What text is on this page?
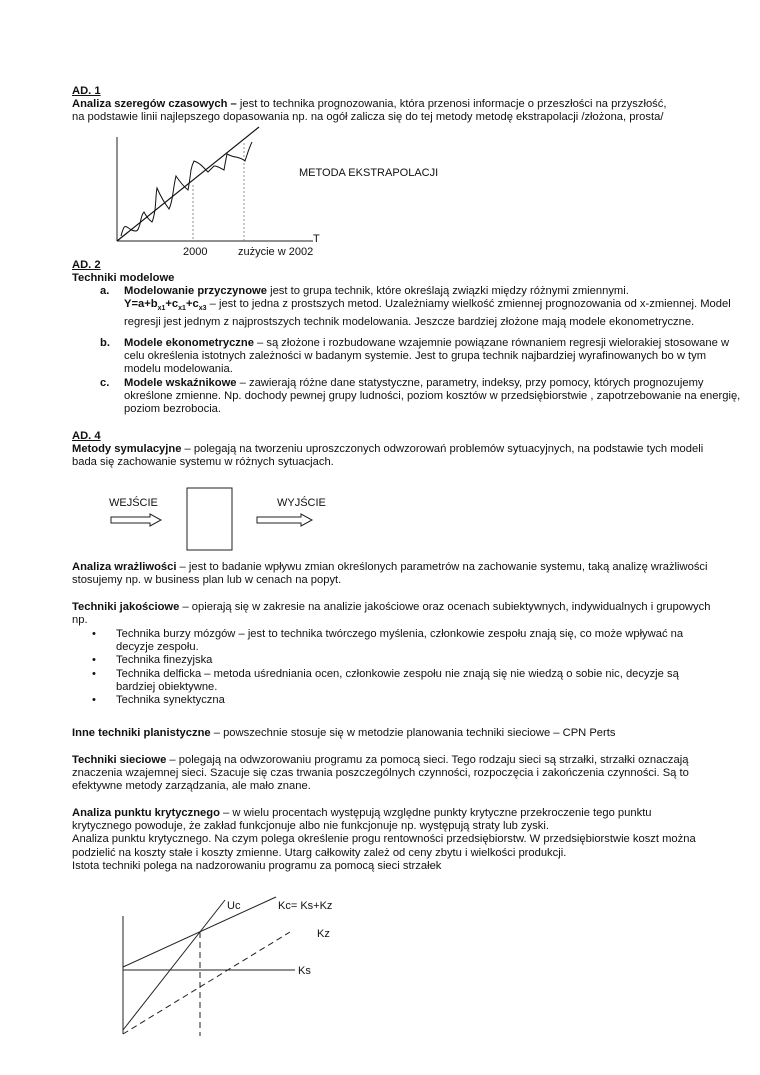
AD. 1
Analiza szeregów czasowych – jest to technika prognozowania, która przenosi informacje o przeszłości na przyszłość,
na podstawie linii najlepszego dopasowania np. na ogół zalicza się do tej metody metodę ekstrapolacji /złożona, prosta/
METODA EKSTRAPOLACJI
T
2000	zużycie w 2002
WEJŚCIE	WYJŚCIE
Uc	Kc= Ks+Kz
Kz
Ks
AD. 2
Techniki modelowe
a. Modelowanie przyczynowe jest to grupa technik, które określają związki między różnymi zmiennymi.
$Y=a+b_{x1}+c_{x1}+c_{x3}$ – jest to jedna z prostszych metod. Uzależniamy wielkość zmiennej prognozowania od x-zmiennej. Model regresji jest jednym z najprostszych technik modelowania. Jeszcze bardziej złożone mają modele ekonometryczne.
b. Modele ekonometryczne – są złożone i rozbudowane wzajemnie powiązane równaniem regresji wielorakiej stosowane w celu określenia istotnych zależności w badanym systemie. Jest to grupa technik najbardziej wyrafinowanych bo w tym modelu modelowania.
c. Modele wskaźnikowe – zawierają różne dane statystyczne, parametry, indeksy, przy pomocy, których prognozujemy określone zmienne. Np. dochody pewnej grupy ludności, poziom kosztów w przedsiębiorstwie , zapotrzebowanie na energię, poziom bezrobocia.
AD. 4
Metody symulacyjne – polegają na tworzeniu uproszczonych odwzorowań problemów sytuacyjnych, na podstawie tych modeli bada się zachowanie systemu w różnych sytuacjach.
Analiza wrażliwości – jest to badanie wpływu zmian określonych parametrów na zachowanie systemu, taką analizę wrażliwości stosujemy np. w business plan lub w cenach na popyt.
Techniki jakościowe – opierają się w zakresie na analizie jakościowe oraz ocenach subiektywnych, indywidualnych i grupowych np.
• Technika burzy mózgów – jest to technika twórczego myślenia, członkowie zespołu znają się, co może wpływać na decyzje zespołu.
• Technika finezyjska
• Technika delficka – metoda uśredniania ocen, członkowie zespołu nie znają się nie wiedzą o sobie nic, decyzje są bardziej obiektywne.
• Technika synektyczna
Inne techniki planistyczne – powszechnie stosuje się w metodzie planowania techniki sieciowe – CPN Perts
Techniki sieciowe – polegają na odwzorowaniu programu za pomocą sieci. Tego rodzaju sieci są strzałki, strzałki oznaczają znaczenia wzajemnej sieci. Szacuje się czas trwania poszczególnych czynności, rozpoczęcia i zakończenia czynności. Są to efektywne metody zarządzania, ale mało znane.
Analiza punktu krytycznego – w wielu procentach występują względne punkty krytyczne przekroczenie tego punktu krytycznego powoduje, że zakład funkcjonuje albo nie funkcjonuje np. występują straty lub zyski.
Analiza punktu krytycznego. Na czym polega określenie progu rentowności przedsiębiorstw. W przedsiębiorstwie koszt można podzielić na koszty stałe i koszty zmienne. Utarg całkowity zależ od ceny zbytu i wielkości produkcji.
Istota techniki polega na nadzorowaniu programu za pomocą sieci strzałek
